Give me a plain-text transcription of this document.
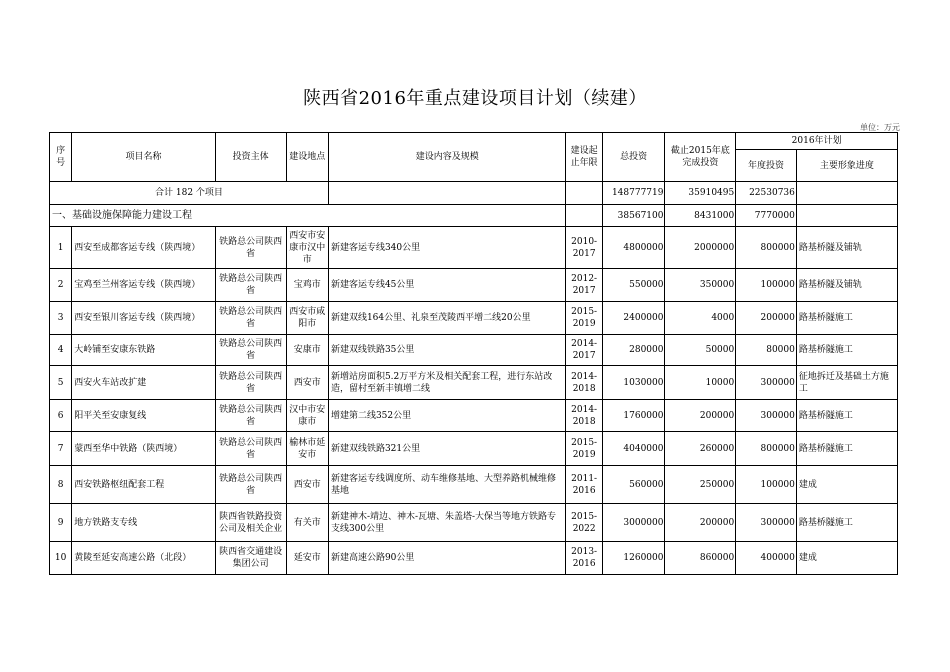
陕西省2016年重点建设项目计划（续建）
单位：万元
序号	项目名称	投资主体	建设地点	建设内容及规模	建设起止年限	总投资	截止2015年底完成投资	2016年计划	
								年度投资	主要形象进度
合计 182 个项目						148777719	35910495	22530736	
一、基础设施保障能力建设工程						38567100	8431000	7770000	
1	西安至成都客运专线（陕西境）	铁路总公司陕西省	西安市安康市汉中市	新建客运专线340公里	2010-2017	4800000	2000000	800000	路基桥隧及铺轨
2	宝鸡至兰州客运专线（陕西境）	铁路总公司陕西省	宝鸡市	新建客运专线45公里	2012-2017	550000	350000	100000	路基桥隧及铺轨
3	西安至银川客运专线（陕西境）	铁路总公司陕西省	西安市咸阳市	新建双线164公里、礼泉至茂陵西平增二线20公里	2015-2019	2400000	4000	200000	路基桥隧施工
4	大岭铺至安康东铁路	铁路总公司陕西省	安康市	新建双线铁路35公里	2014-2017	280000	50000	80000	路基桥隧施工
5	西安火车站改扩建	铁路总公司陕西省	西安市	新增站房面积5.2万平方米及相关配套工程，进行东站改造，留村至新丰镇增二线	2014-2018	1030000	10000	300000	征地拆迁及基础土方施工
6	阳平关至安康复线	铁路总公司陕西省	汉中市安康市	增建第二线352公里	2014-2018	1760000	200000	300000	路基桥隧施工
7	蒙西至华中铁路（陕西境）	铁路总公司陕西省	榆林市延安市	新建双线铁路321公里	2015-2019	4040000	260000	800000	路基桥隧施工
8	西安铁路枢纽配套工程	铁路总公司陕西省	西安市	新建客运专线调度所、动车维修基地、大型养路机械维修基地	2011-2016	560000	250000	100000	建成
9	地方铁路支专线	陕西省铁路投资公司及相关企业	有关市	新建神木-靖边、神木-瓦塘、朱盖塔-大保当等地方铁路专支线300公里	2015-2022	3000000	200000	300000	路基桥隧施工
10	黄陵至延安高速公路（北段）	陕西省交通建设集团公司	延安市	新建高速公路90公里	2013-2016	1260000	860000	400000	建成
